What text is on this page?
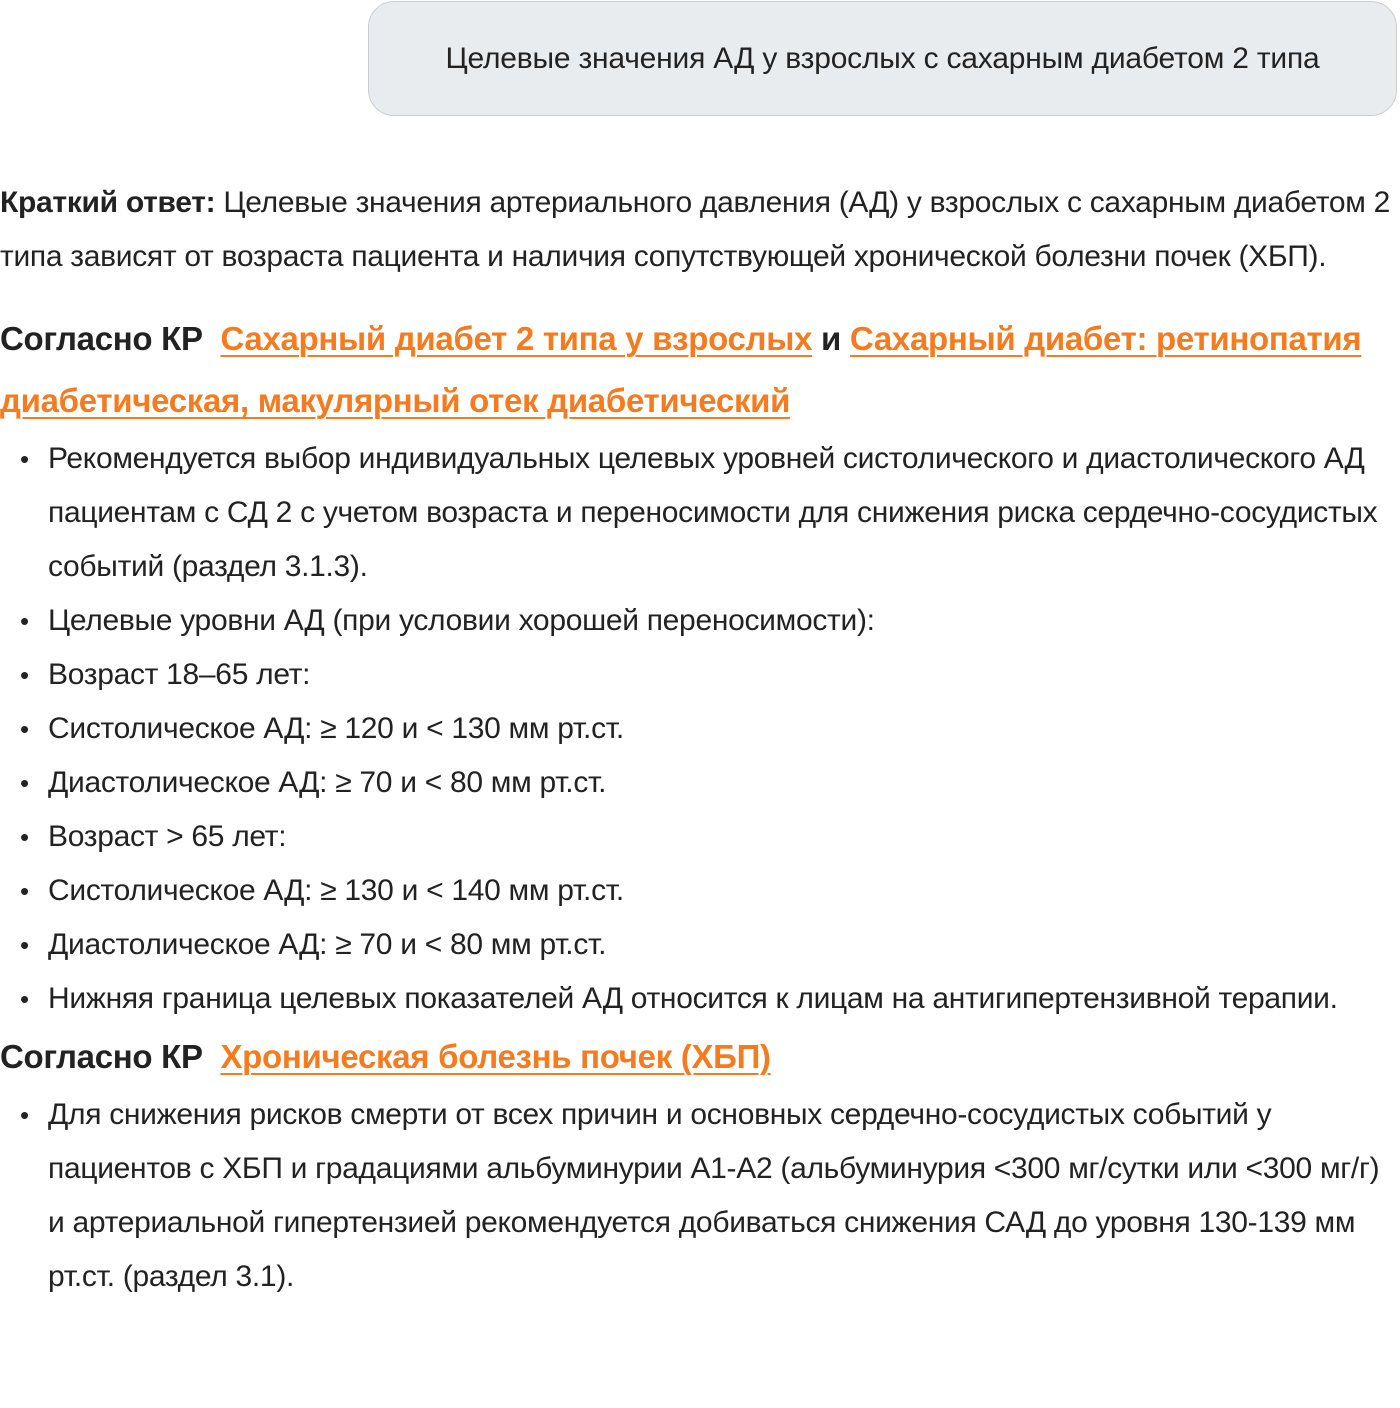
Целевые значения АД у взрослых с сахарным диабетом 2 типа

Краткий ответ: Целевые значения артериального давления (АД) у взрослых с сахарным диабетом 2 типа зависят от возраста пациента и наличия сопутствующей хронической болезни почек (ХБП).

Согласно КР Сахарный диабет 2 типа у взрослых и Сахарный диабет: ретинопатия диабетическая, макулярный отек диабетический

• Рекомендуется выбор индивидуальных целевых уровней систолического и диастолического АД пациентам с СД 2 с учетом возраста и переносимости для снижения риска сердечно-сосудистых событий (раздел 3.1.3).
• Целевые уровни АД (при условии хорошей переносимости):
• Возраст 18–65 лет:
• Систолическое АД: ≥ 120 и < 130 мм рт.ст.
• Диастолическое АД: ≥ 70 и < 80 мм рт.ст.
• Возраст > 65 лет:
• Систолическое АД: ≥ 130 и < 140 мм рт.ст.
• Диастолическое АД: ≥ 70 и < 80 мм рт.ст.
• Нижняя граница целевых показателей АД относится к лицам на антигипертензивной терапии.

Согласно КР Хроническая болезнь почек (ХБП)

• Для снижения рисков смерти от всех причин и основных сердечно-сосудистых событий у пациентов с ХБП и градациями альбуминурии А1-А2 (альбуминурия <300 мг/сутки или <300 мг/г) и артериальной гипертензией рекомендуется добиваться снижения САД до уровня 130-139 мм рт.ст. (раздел 3.1).
